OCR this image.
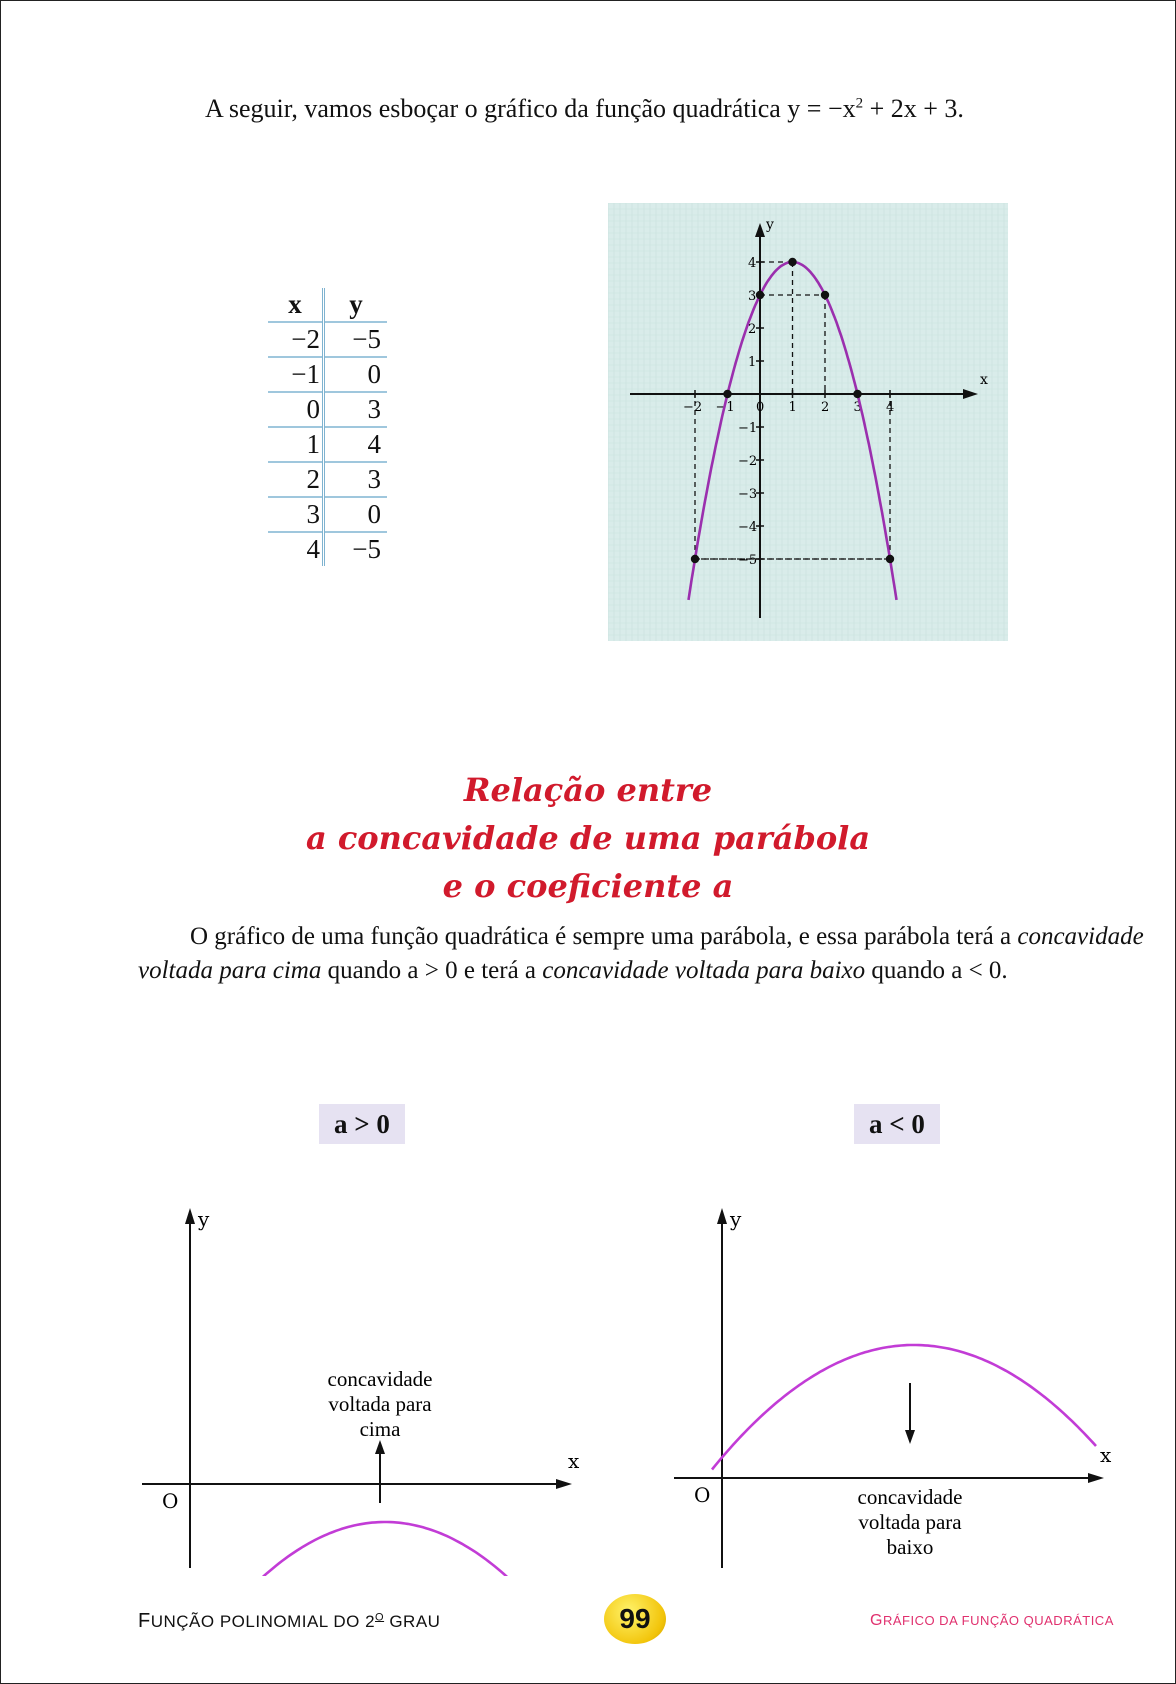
A seguir, vamos esboçar o gráfico da função quadrática $y = -x^2 + 2x + 3$.
x	y
−2	−5
−1	0
0	3
1	4
2	3
3	0
4	−5
x
y
−2 −1 0 1 2 3 4
4
3
2
1
−1
−2
−3
−4
−5
Relação entre
a concavidade de uma parábola
e o coeficiente a
O gráfico de uma função quadrática é sempre uma parábola, e essa parábola terá a concavidade voltada para cima quando a > 0 e terá a concavidade voltada para baixo quando a < 0.
a > 0	a < 0
x
y
O
concavidade
voltada para
cima
x
y
O	concavidade
voltada para
baixo
FUNÇÃO POLINOMIAL DO $2^O$ GRAU	99	GRÁFICO DA FUNÇÃO QUADRÁTICA
